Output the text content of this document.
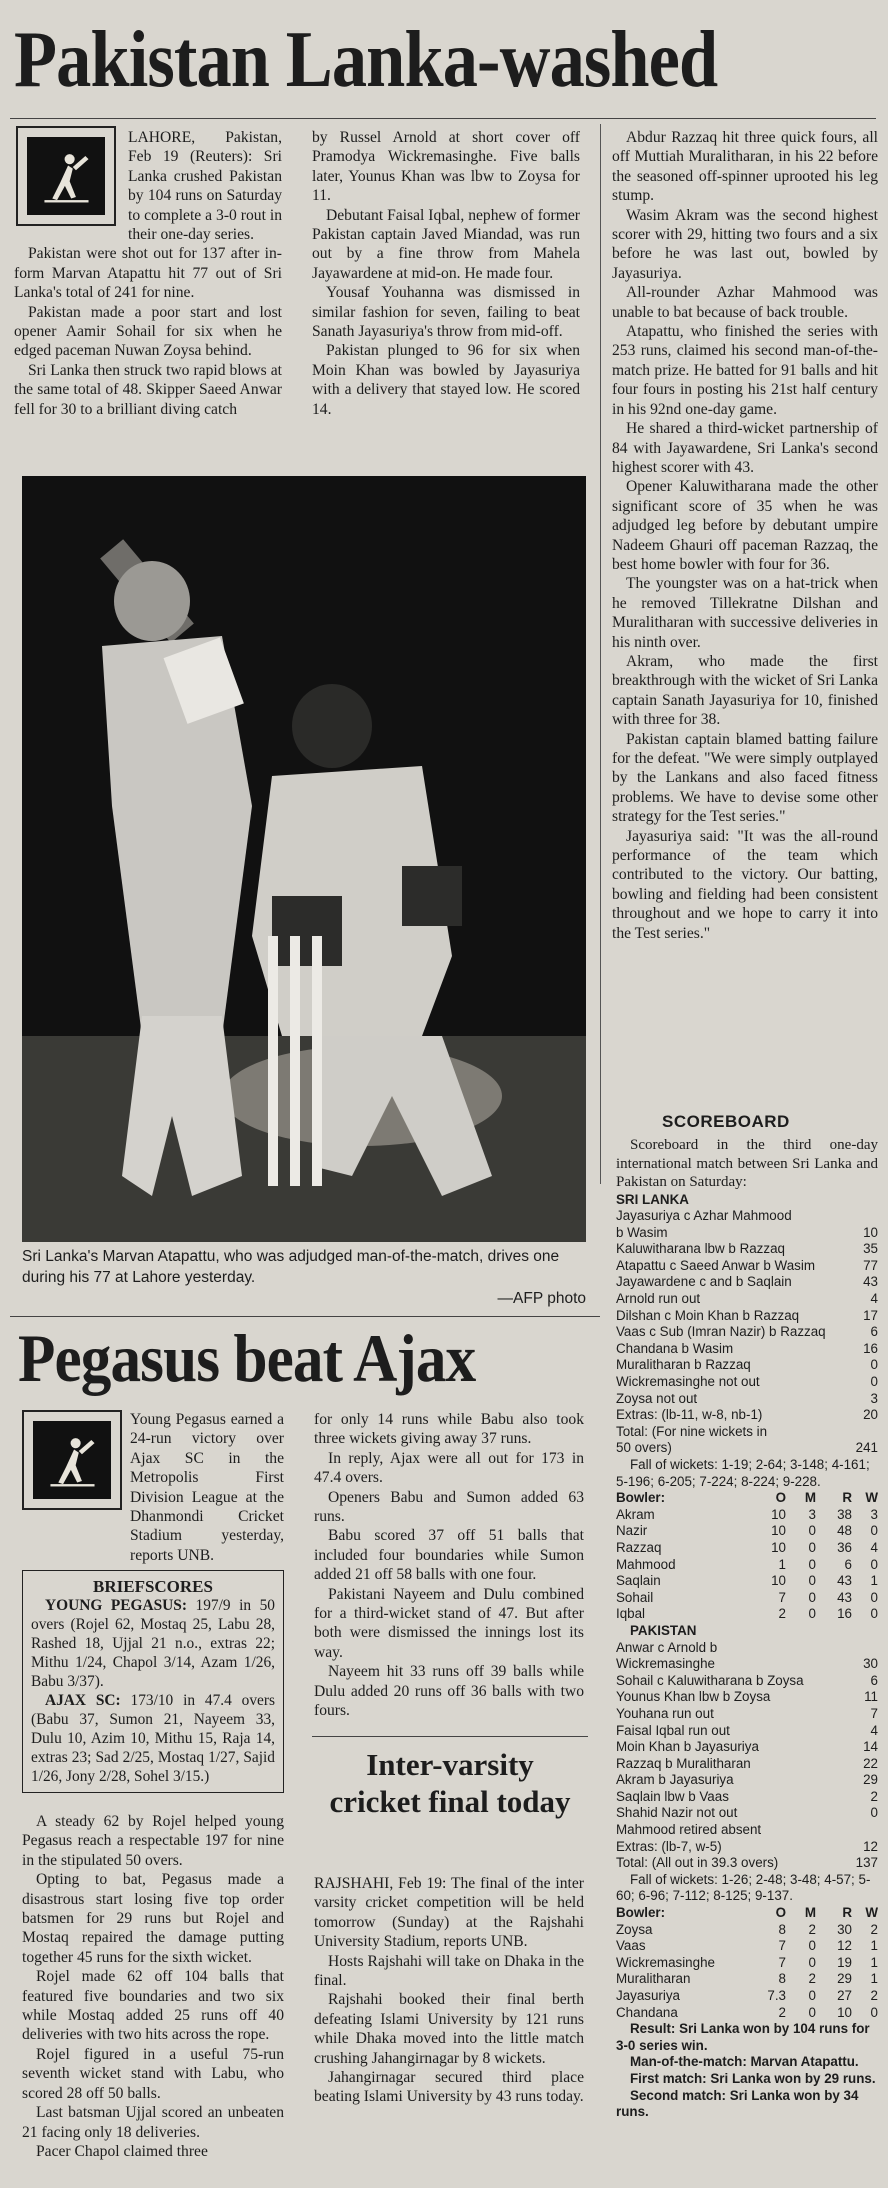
Pakistan Lanka-washed

LAHORE, Pakistan, Feb 19 (Reuters): Sri Lanka crushed Pakistan by 104 runs on Saturday to complete a 3-0 rout in their one-day series.

Pakistan were shot out for 137 after in-form Marvan Atapattu hit 77 out of Sri Lanka's total of 241 for nine.

Pakistan made a poor start and lost opener Aamir Sohail for six when he edged paceman Nuwan Zoysa behind.

Sri Lanka then struck two rapid blows at the same total of 48. Skipper Saeed Anwar fell for 30 to a brilliant diving catch

by Russel Arnold at short cover off Pramodya Wickremasinghe. Five balls later, Younus Khan was lbw to Zoysa for 11.

Debutant Faisal Iqbal, nephew of former Pakistan captain Javed Miandad, was run out by a fine throw from Mahela Jayawardene at mid-on. He made four.

Yousaf Youhanna was dismissed in similar fashion for seven, failing to beat Sanath Jayasuriya's throw from mid-off.

Pakistan plunged to 96 for six when Moin Khan was bowled by Jayasuriya with a delivery that stayed low. He scored 14.

Abdur Razzaq hit three quick fours, all off Muttiah Muralitharan, in his 22 before the seasoned off-spinner uprooted his leg stump.

Wasim Akram was the second highest scorer with 29, hitting two fours and a six before he was last out, bowled by Jayasuriya.

All-rounder Azhar Mahmood was unable to bat because of back trouble.

Atapattu, who finished the series with 253 runs, claimed his second man-of-the-match prize. He batted for 91 balls and hit four fours in posting his 21st half century in his 92nd one-day game.

He shared a third-wicket partnership of 84 with Jayawardene, Sri Lanka's second highest scorer with 43.

Opener Kaluwitharana made the other significant score of 35 when he was adjudged leg before by debutant umpire Nadeem Ghauri off paceman Razzaq, the best home bowler with four for 36.

The youngster was on a hat-trick when he removed Tillekratne Dilshan and Muralitharan with successive deliveries in his ninth over.

Akram, who made the first breakthrough with the wicket of Sri Lanka captain Sanath Jayasuriya for 10, finished with three for 38.

Pakistan captain blamed batting failure for the defeat. "We were simply outplayed by the Lankans and also faced fitness problems. We have to devise some other strategy for the Test series."

Jayasuriya said: "It was the all-round performance of the team which contributed to the victory. Our batting, bowling and fielding had been consistent throughout and we hope to carry it into the Test series."

Sri Lanka's Marvan Atapattu, who was adjudged man-of-the-match, drives one during his 77 at Lahore yesterday.
—AFP photo
Pegasus beat Ajax

Young Pegasus earned a 24-run victory over Ajax SC in the Metropolis First Division League at the Dhanmondi Cricket Stadium yesterday, reports UNB.

BRIEFSCORES
YOUNG PEGASUS: 197/9 in 50 overs (Rojel 62, Mostaq 25, Labu 28, Rashed 18, Ujjal 21 n.o., extras 22; Mithu 1/24, Chapol 3/14, Azam 1/26, Babu 3/37).
AJAX SC: 173/10 in 47.4 overs (Babu 37, Sumon 21, Nayeem 33, Dulu 10, Azim 10, Mithu 15, Raja 14, extras 23; Sad 2/25, Mostaq 1/27, Sajid 1/26, Jony 2/28, Sohel 3/15.)

A steady 62 by Rojel helped young Pegasus reach a respectable 197 for nine in the stipulated 50 overs.

Opting to bat, Pegasus made a disastrous start losing five top order batsmen for 29 runs but Rojel and Mostaq repaired the damage putting together 45 runs for the sixth wicket.

Rojel made 62 off 104 balls that featured five boundaries and two six while Mostaq added 25 runs off 40 deliveries with two hits across the rope.

Rojel figured in a useful 75-run seventh wicket stand with Labu, who scored 28 off 50 balls.

Last batsman Ujjal scored an unbeaten 21 facing only 18 deliveries.

Pacer Chapol claimed three

for only 14 runs while Babu also took three wickets giving away 37 runs.

In reply, Ajax were all out for 173 in 47.4 overs.

Openers Babu and Sumon added 63 runs.

Babu scored 37 off 51 balls that included four boundaries while Sumon added 21 off 58 balls with one four.

Pakistani Nayeem and Dulu combined for a third-wicket stand of 47. But after both were dismissed the innings lost its way.

Nayeem hit 33 runs off 39 balls while Dulu added 20 runs off 36 balls with two fours.

Inter-varsity cricket final today

RAJSHAHI, Feb 19: The final of the inter varsity cricket competition will be held tomorrow (Sunday) at the Rajshahi University Stadium, reports UNB.

Hosts Rajshahi will take on Dhaka in the final.

Rajshahi booked their final berth defeating Islami University by 121 runs while Dhaka moved into the little match crushing Jahangirnagar by 8 wickets.

Jahangirnagar secured third place beating Islami University by 43 runs today.

SCOREBOARD

Scoreboard in the third one-day international match between Sri Lanka and Pakistan on Saturday:

SRI LANKA
Jayasuriya c Azhar Mahmood
b Wasim	10
Kaluwitharana lbw b Razzaq	35
Atapattu c Saeed Anwar b Wasim	77
Jayawardene c and b Saqlain	43
Arnold run out	4
Dilshan c Moin Khan b Razzaq	17
Vaas c Sub (Imran Nazir) b Razzaq	6
Chandana b Wasim	16
Muralitharan b Razzaq	0
Wickremasinghe not out	0
Zoysa not out	3
Extras: (lb-11, w-8, nb-1)	20
Total: (For nine wickets in
50 overs)	241

Fall of wickets: 1-19; 2-64; 3-148; 4-161; 5-196; 6-205; 7-224; 8-224; 9-228.

Bowler:	O	M	R W
Akram	10	3	38	3
Nazir	10	0	48	0
Razzaq	10	0	36	4
Mahmood	1	0	6	0
Saqlain	10	0	43	1
Sohail	7	0	43	0
Iqbal	2	0	16	0
PAKISTAN
Anwar c Arnold b
Wickremasinghe	30
Sohail c Kaluwitharana b Zoysa	6
Younus Khan lbw b Zoysa	11
Youhana run out	7
Faisal Iqbal run out	4
Moin Khan b Jayasuriya	14
Razzaq b Muralitharan	22
Akram b Jayasuriya	29
Saqlain lbw b Vaas	2
Shahid Nazir not out	0
Mahmood retired absent
Extras: (lb-7, w-5)	12
Total: (All out in 39.3 overs)	137

Fall of wickets: 1-26; 2-48; 3-48; 4-57; 5-60; 6-96; 7-112; 8-125; 9-137.

Bowler:	O	M	R W
Zoysa	8	2	30	2
Vaas	7	0	12	1
Wickremasinghe	7	0	19	1
Muralitharan	8	2	29	1
Jayasuriya	7.3	0	27	2
Chandana	2	0	10	0

Result: Sri Lanka won by 104 runs for 3-0 series win.

Man-of-the-match: Marvan Atapattu.

First match: Sri Lanka won by 29 runs.

Second match: Sri Lanka won by 34 runs.
